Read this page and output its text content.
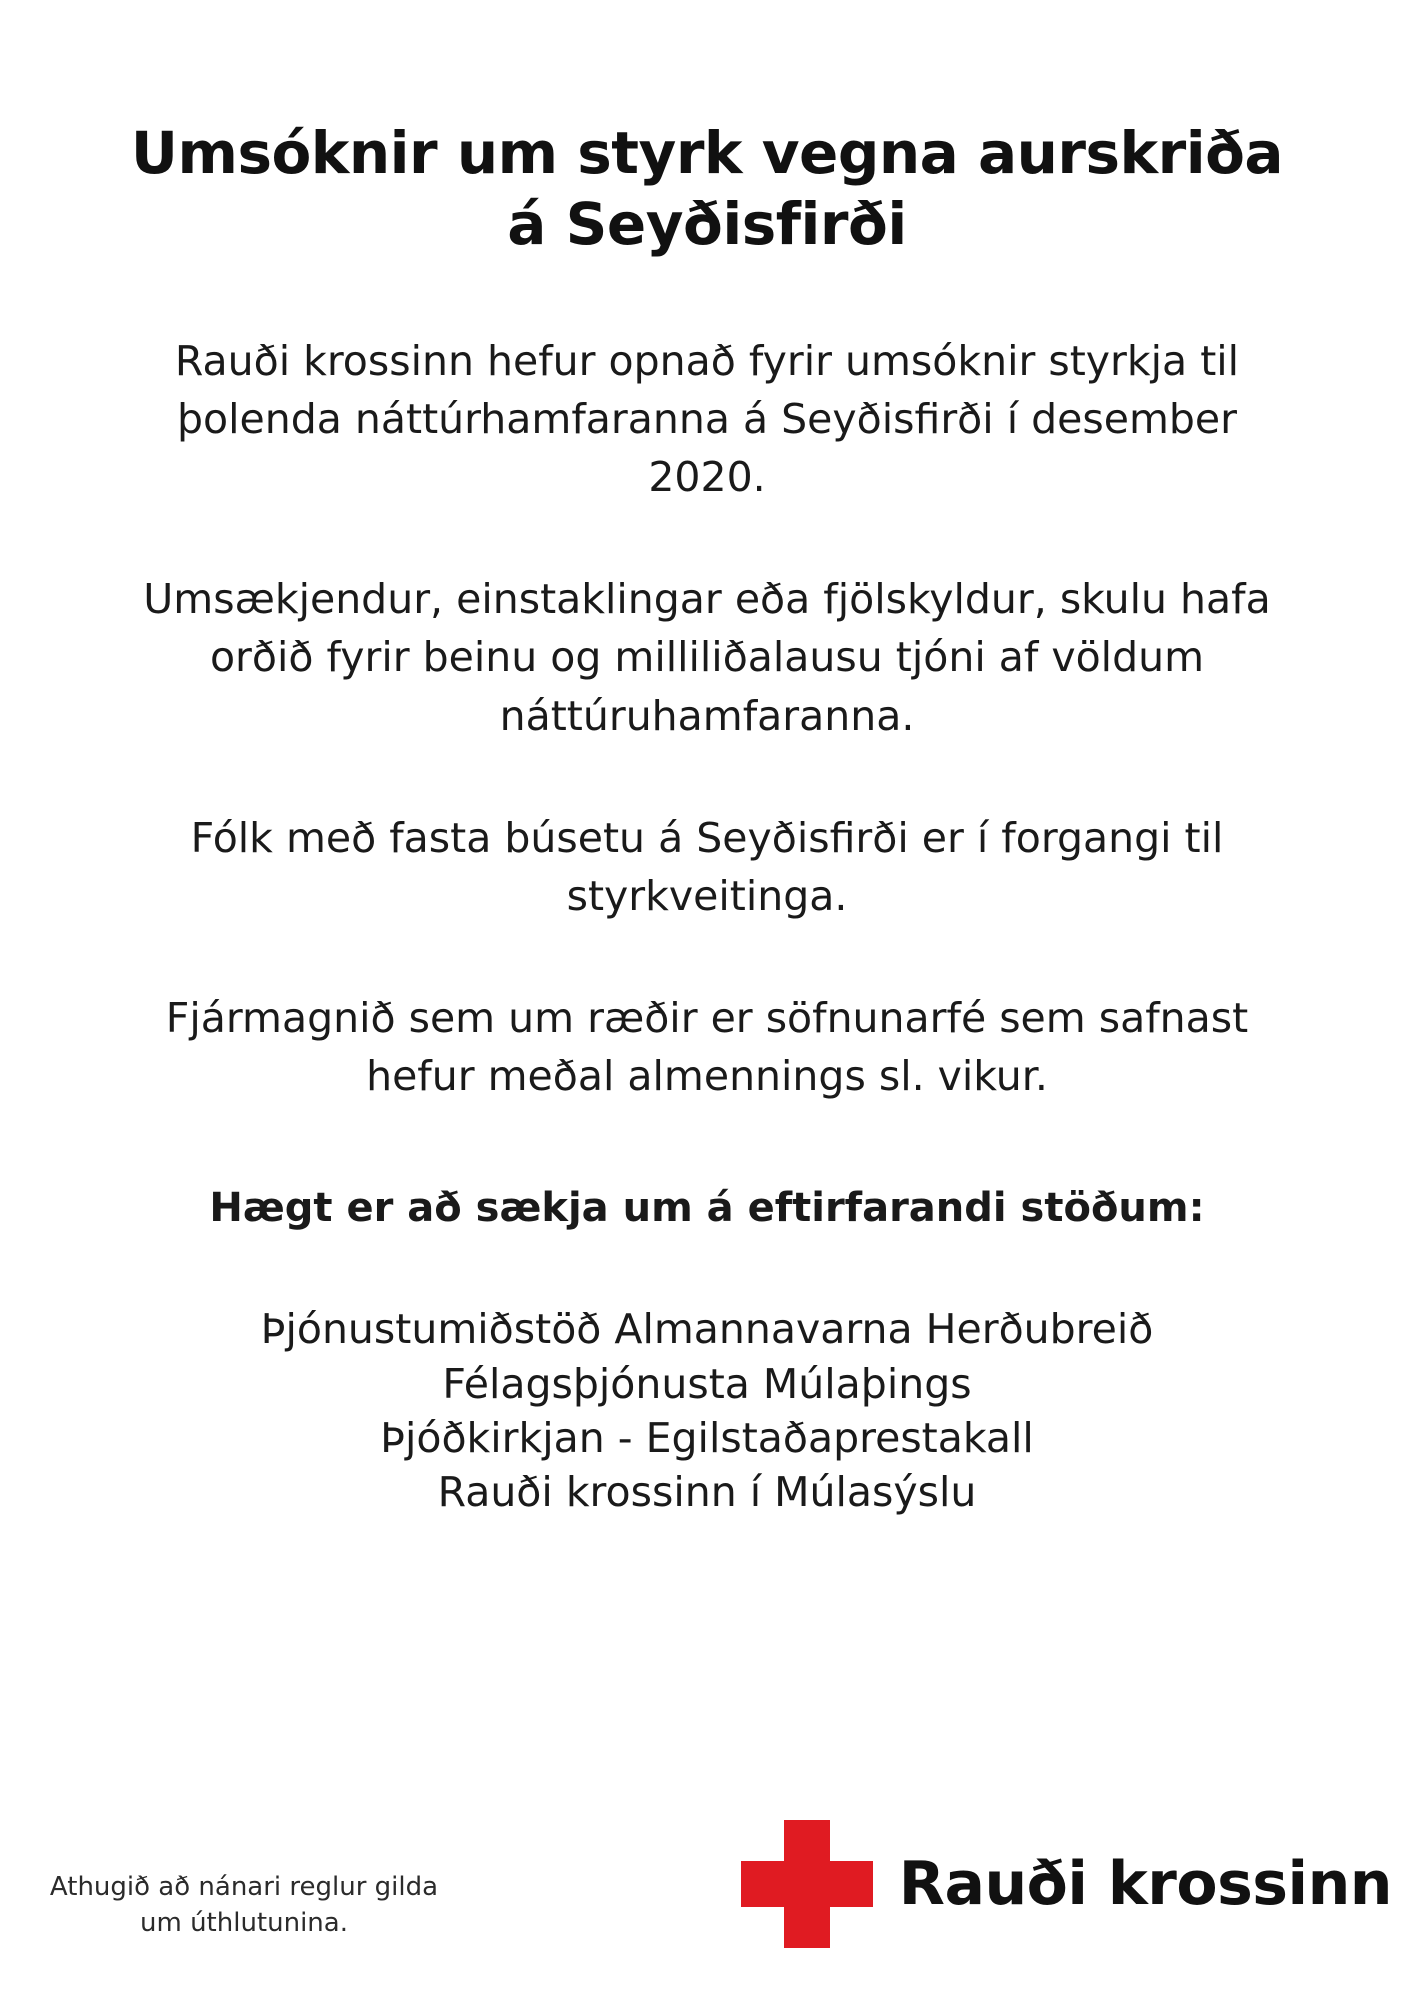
Umsóknir um styrk vegna aurskriða á Seyðisfirði

Rauði krossinn hefur opnað fyrir umsóknir styrkja til þolenda náttúrhamfaranna á Seyðisfirði í desember 2020.

Umsækjendur, einstaklingar eða fjölskyldur, skulu hafa orðið fyrir beinu og milliliðalausu tjóni af völdum náttúruhamfaranna.

Fólk með fasta búsetu á Seyðisfirði er í forgangi til styrkveitinga.

Fjármagnið sem um ræðir er söfnunarfé sem safnast hefur meðal almennings sl. vikur.

Hægt er að sækja um á eftirfarandi stöðum:

Þjónustumiðstöð Almannavarna Herðubreið
Félagsþjónusta Múlaþings
Þjóðkirkjan - Egilstaðaprestakall
Rauði krossinn í Múlasýslu
Athugið að nánari reglur gilda um úthlutunina.
Rauði krossinn
